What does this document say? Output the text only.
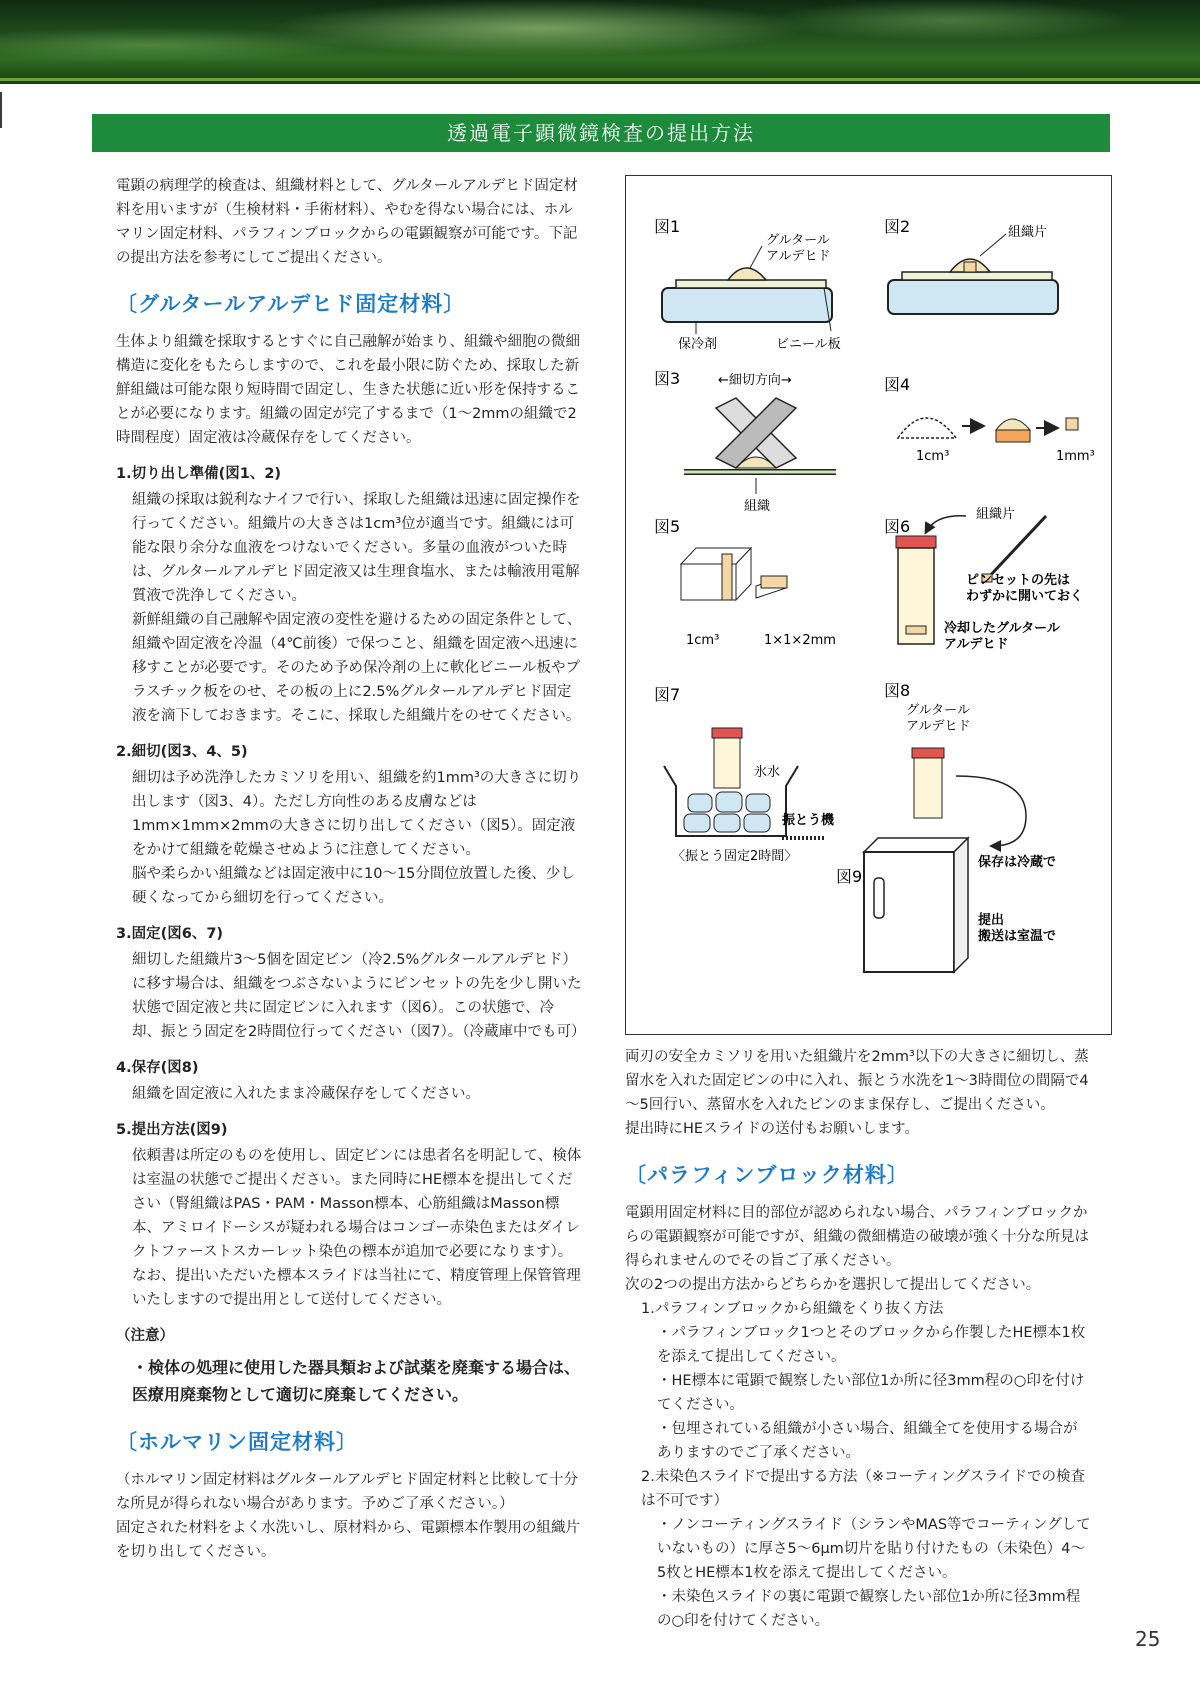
透過電子顕微鏡検査の提出方法

電顕の病理学的検査は、組織材料として、グルタールアルデヒド固定材料を用いますが（生検材料・手術材料）、やむを得ない場合には、ホルマリン固定材料、パラフィンブロックからの電顕観察が可能です。下記の提出方法を参考にしてご提出ください。

〔グルタールアルデヒド固定材料〕

生体より組織を採取するとすぐに自己融解が始まり、組織や細胞の微細構造に変化をもたらしますので、これを最小限に防ぐため、採取した新鮮組織は可能な限り短時間で固定し、生きた状態に近い形を保持することが必要になります。組織の固定が完了するまで（1～2mmの組織で2時間程度）固定液は冷蔵保存をしてください。

1.切り出し準備(図1、2)

組織の採取は鋭利なナイフで行い、採取した組織は迅速に固定操作を行ってください。組織片の大きさは1cm³位が適当です。組織には可能な限り余分な血液をつけないでください。多量の血液がついた時は、グルタールアルデヒド固定液又は生理食塩水、または輸液用電解質液で洗浄してください。

新鮮組織の自己融解や固定液の変性を避けるための固定条件として、組織や固定液を冷温（4℃前後）で保つこと、組織を固定液へ迅速に移すことが必要です。そのため予め保冷剤の上に軟化ビニール板やプラスチック板をのせ、その板の上に2.5%グルタールアルデヒド固定液を滴下しておきます。そこに、採取した組織片をのせてください。

2.細切(図3、4、5)

細切は予め洗浄したカミソリを用い、組織を約1mm³の大きさに切り出します（図3、4）。ただし方向性のある皮膚などは1mm×1mm×2mmの大きさに切り出してください（図5）。固定液をかけて組織を乾燥させぬように注意してください。

脳や柔らかい組織などは固定液中に10～15分間位放置した後、少し硬くなってから細切を行ってください。

3.固定(図6、7)

細切した組織片3～5個を固定ビン（冷2.5%グルタールアルデヒド）に移す場合は、組織をつぶさないようにピンセットの先を少し開いた状態で固定液と共に固定ビンに入れます（図6）。この状態で、冷却、振とう固定を2時間位行ってください（図7）。（冷蔵庫中でも可）

4.保存(図8)

組織を固定液に入れたまま冷蔵保存をしてください。

5.提出方法(図9)

依頼書は所定のものを使用し、固定ビンには患者名を明記して、検体は室温の状態でご提出ください。また同時にHE標本を提出してください（腎組織はPAS・PAM・Masson標本、心筋組織はMasson標本、アミロイドーシスが疑われる場合はコンゴー赤染色またはダイレクトファーストスカーレット染色の標本が追加で必要になります）。

なお、提出いただいた標本スライドは当社にて、精度管理上保管管理いたしますので提出用として送付してください。

（注意）

・検体の処理に使用した器具類および試薬を廃棄する場合は、医療用廃棄物として適切に廃棄してください。

〔ホルマリン固定材料〕

（ホルマリン固定材料はグルタールアルデヒド固定材料と比較して十分な所見が得られない場合があります。予めご了承ください。）

固定された材料をよく水洗いし、原材料から、電顕標本作製用の組織片を切り出してください。

図1	図2
図3	図4
図5	図6
図7	図8
図9
グルタール
アルデヒド
保冷剤	ビニール板
組織片
←細切方向→
組織
1cm³	1mm³
1cm³	1×1×2mm
組織片
ピンセットの先は
わずかに開いておく
冷却したグルタール
アルデヒド
氷水
振とう機
〈振とう固定2時間〉
グルタール
アルデヒド
保存は冷蔵で
提出
搬送は室温で

両刃の安全カミソリを用いた組織片を2mm³以下の大きさに細切し、蒸留水を入れた固定ビンの中に入れ、振とう水洗を1～3時間位の間隔で4～5回行い、蒸留水を入れたビンのまま保存し、ご提出ください。

提出時にHEスライドの送付もお願いします。

〔パラフィンブロック材料〕

電顕用固定材料に目的部位が認められない場合、パラフィンブロックからの電顕観察が可能ですが、組織の微細構造の破壊が強く十分な所見は得られませんのでその旨ご了承ください。

次の2つの提出方法からどちらかを選択して提出してください。

1.パラフィンブロックから組織をくり抜く方法

・パラフィンブロック1つとそのブロックから作製したHE標本1枚を添えて提出してください。

・HE標本に電顕で観察したい部位1か所に径3mm程の○印を付けてください。

・包埋されている組織が小さい場合、組織全てを使用する場合がありますのでご了承ください。

2.未染色スライドで提出する方法（※コーティングスライドでの検査は不可です）

・ノンコーティングスライド（シランやMAS等でコーティングしていないもの）に厚さ5～6μm切片を貼り付けたもの（未染色）4～5枚とHE標本1枚を添えて提出してください。

・未染色スライドの裏に電顕で観察したい部位1か所に径3mm程の○印を付けてください。

25
